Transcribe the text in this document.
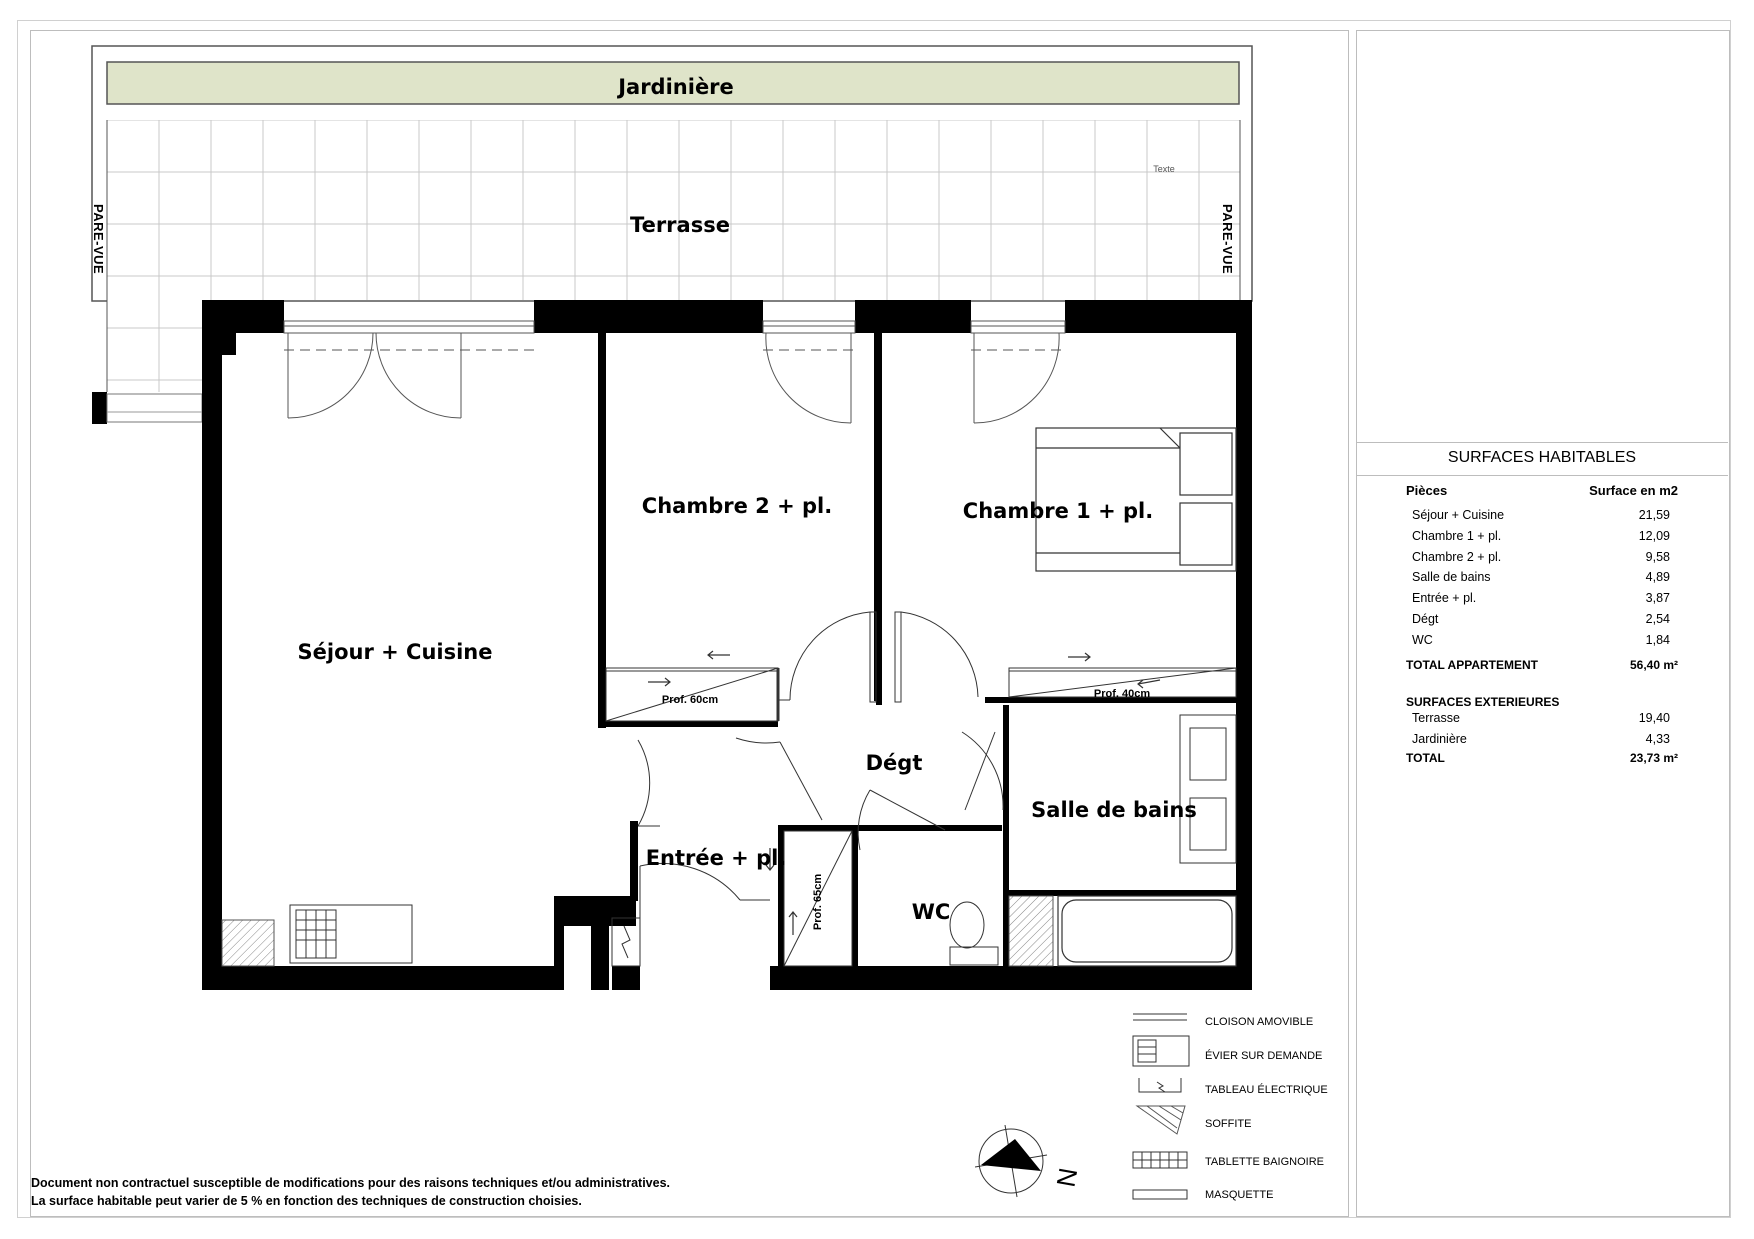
Jardinière
Terrasse
Texte
PARE-VUE	PARE-VUE
Séjour + Cuisine
Chambre 2 + pl.	Chambre 1 + pl.
Dégt
Entrée + pl.
Salle de bains
WC
Prof. 60cm	Prof. 40cm
Prof. 65cm
SURFACES HABITABLES
Pièces	Surface en m2
Séjour + Cuisine	21,59
Chambre 1 + pl.	12,09
Chambre 2 + pl.	9,58
Salle de bains	4,89
Entrée + pl.	3,87
Dégt	2,54
WC	1,84
TOTAL APPARTEMENT	56,40 m²
SURFACES EXTERIEURES
Terrasse	19,40
Jardinière	4,33
TOTAL	23,73 m²
CLOISON AMOVIBLE
ÉVIER SUR DEMANDE
TABLEAU ÉLECTRIQUE
SOFFITE
TABLETTE BAIGNOIRE
MASQUETTE
N
Document non contractuel susceptible de modifications pour des raisons techniques et/ou administratives.
La surface habitable peut varier de 5 % en fonction des techniques de construction choisies.
